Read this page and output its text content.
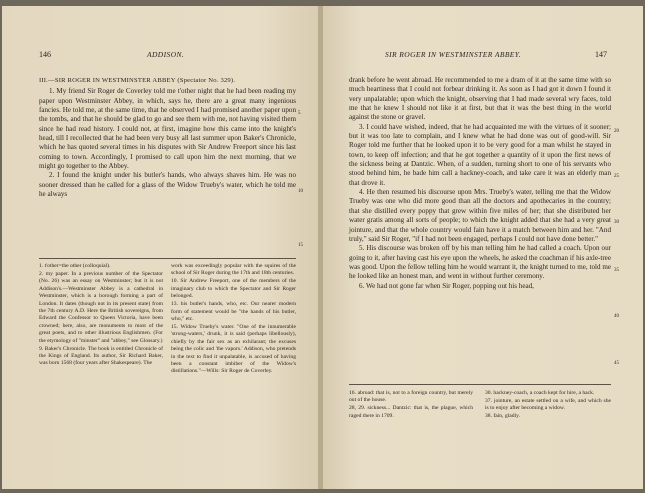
146	ADDISON.

III.—SIR ROGER IN WESTMINSTER ABBEY (Spectator No. 329).

1. My friend Sir Roger de Coverley told me t'other night that he had been reading my paper upon Westminster Abbey, in which, says he, there are a great many ingenious fancies. He told me, at the same time, that he observed I had promised another paper upon the tombs, and that he should be glad to go and see them with me, not having visited them since he had read history. I could not, at first, imagine how this came into the knight's head, till I recollected that he had been very busy all last summer upon Baker's Chronicle, which he has quoted several times in his disputes with Sir Andrew Freeport since his last coming to town. Accordingly, I promised to call upon him the next morning, that we might go together to the Abbey.

2. I found the knight under his butler's hands, who always shaves him. He was no sooner dressed than he called for a glass of the Widow Trueby's water, which he told me he always

5
10
15

1. t'other=the other (colloquial).

2. my paper. In a previous number of the Spectator (No. 26) was an essay on Westminster; but it is not Addison's.—Westminster Abbey is a cathedral in Westminster, which is a borough forming a part of London. It dates (though not in its present state) from the 7th century A.D. Here the British sovereigns, from Edward the Confessor to Queen Victoria, have been crowned; here, also, are monuments to most of the great poets, and to other illustrious Englishmen. (For the etymology of "minster" and "abbey," see Glossary.)

9. Baker's Chronicle. The book is entitled Chronicle of the Kings of England. Its author, Sir Richard Baker, was born 1568 (four years after Shakespeare). The

work was exceedingly popular with the squires of the school of Sir Roger during the 17th and 18th centuries.

10. Sir Andrew Freeport, one of the members of the imaginary club to which the Spectator and Sir Roger belonged.

13. his butler's hands, who, etc. Our nearer modern form of statement would be "the hands of his butler, who," etc.

15. Widow Trueby's water. "One of the innumerable 'strong-waters,' drunk, it is said (perhaps libellously), chiefly by the fair sex as an exhilarant; the excuses being the colic and 'the vapors.' Addison, who pretends in the text to find it unpalatable, is accused of having been a constant imbiber of the Widow's distillations."—Wills: Sir Roger de Coverley.

SIR ROGER IN WESTMINSTER ABBEY.	147

drank before he went abroad. He recommended to me a dram of it at the same time with so much heartiness that I could not forbear drinking it. As soon as I had got it down I found it very unpalatable; upon which the knight, observing that I had made several wry faces, told me that he knew I should not like it at first, but that it was the best thing in the world against the stone or gravel.

3. I could have wished, indeed, that he had acquainted me with the virtues of it sooner; but it was too late to complain, and I knew what he had done was out of good-will. Sir Roger told me further that he looked upon it to be very good for a man whilst he stayed in town, to keep off infection; and that he got together a quantity of it upon the first news of the sickness being at Dantzic. When, of a sudden, turning short to one of his servants who stood behind him, he bade him call a hackney-coach, and take care it was an elderly man that drove it.

4. He then resumed his discourse upon Mrs. Trueby's water, telling me that the Widow Trueby was one who did more good than all the doctors and apothecaries in the country; that she distilled every poppy that grew within five miles of her; that she distributed her water gratis among all sorts of people; to which the knight added that she had a very great jointure, and that the whole country would fain have it a match between him and her. "And truly," said Sir Roger, "if I had not been engaged, perhaps I could not have done better."

5. His discourse was broken off by his man telling him he had called a coach. Upon our going to it, after having cast his eye upon the wheels, he asked the coachman if his axle-tree was good. Upon the fellow telling him he would warrant it, the knight turned to me, told me he looked like an honest man, and went in without further ceremony.

6. We had not gone far when Sir Roger, popping out his head,

20
25
30
35
40
45

16. abroad: that is, not to a foreign country, but merely out of the house.

28, 29. sickness... Dantzic: that is, the plague, which raged there in 1709.

30. hackney-coach, a coach kept for hire, a hack.

37. jointure, an estate settled on a wife, and which she is to enjoy after becoming a widow.

38. fain, gladly.
